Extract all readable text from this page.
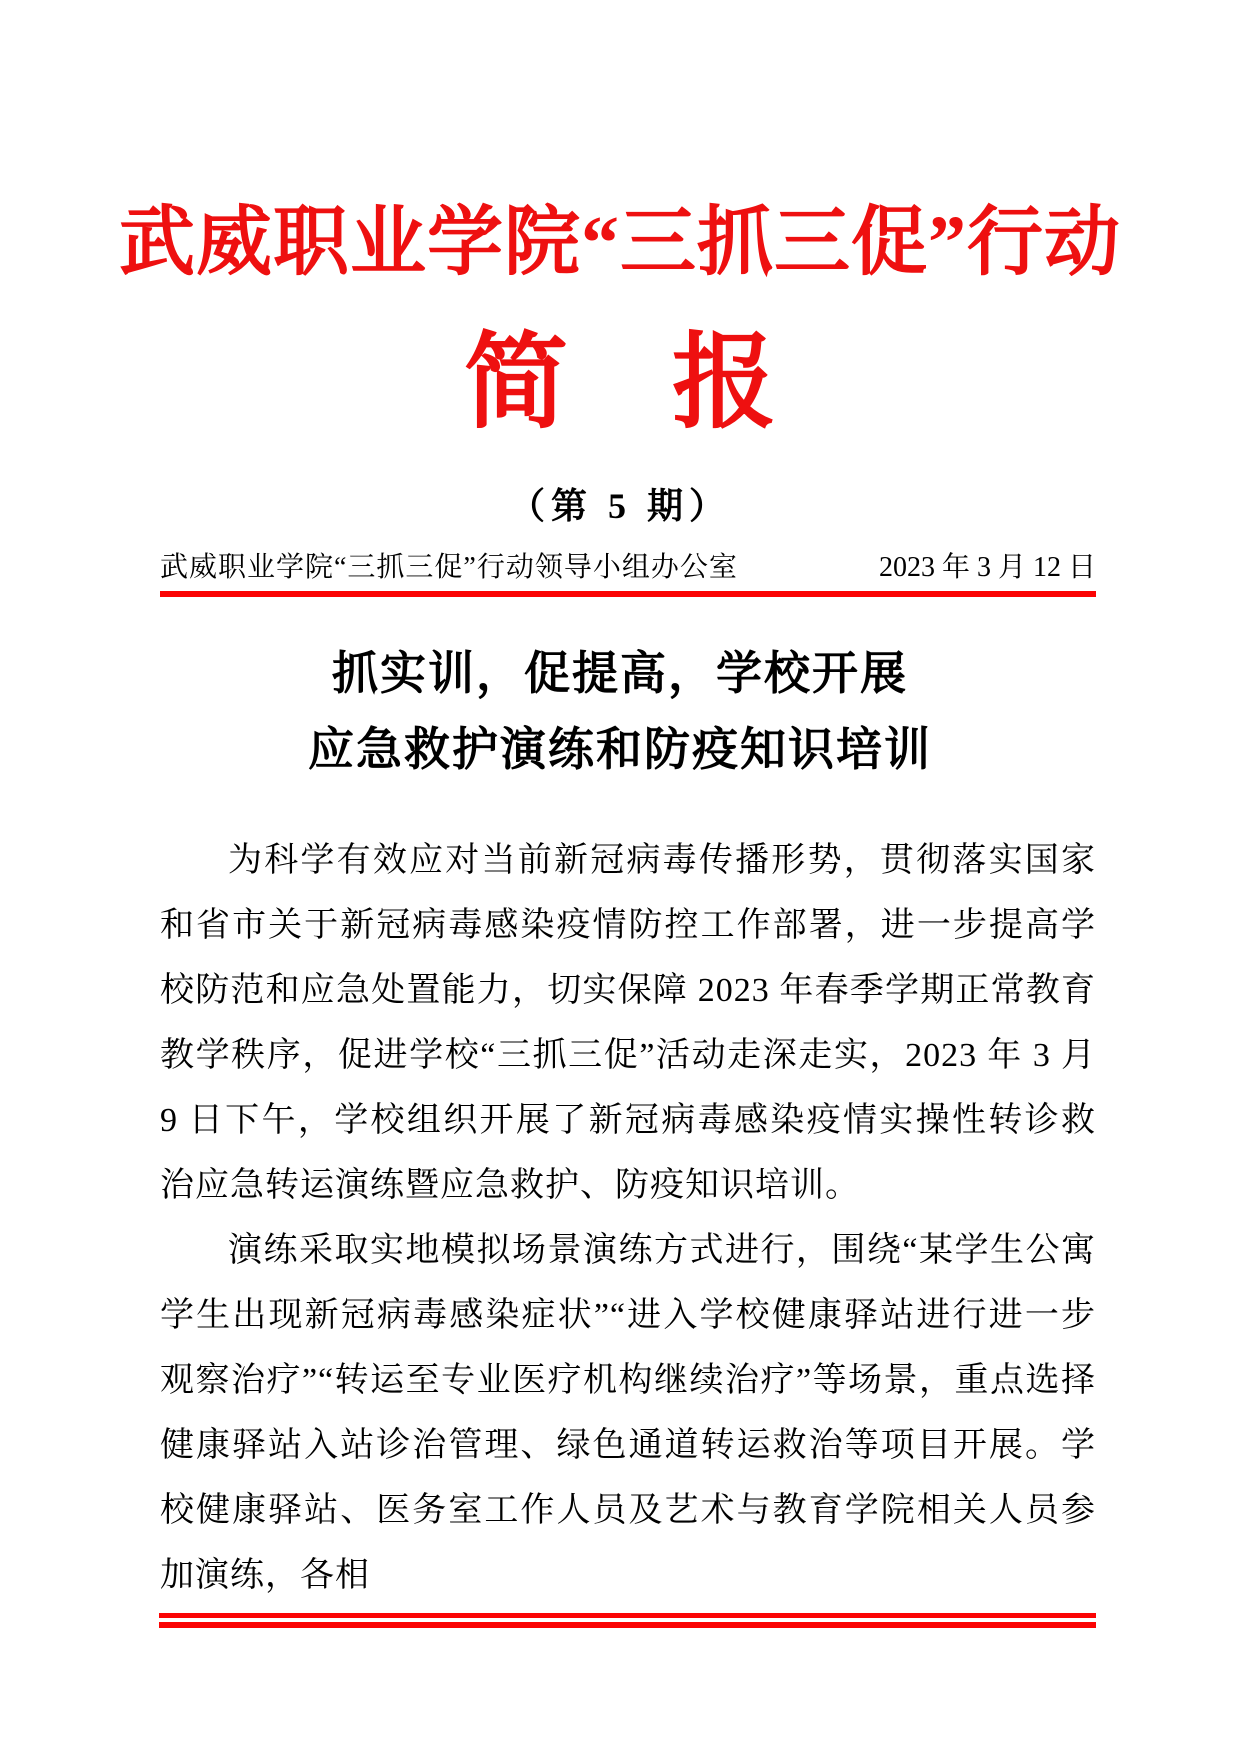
武威职业学院“三抓三促”行动
简　报
（第 5 期）
武威职业学院“三抓三促”行动领导小组办公室	2023 年 3 月 12 日
抓实训，促提高，学校开展
应急救护演练和防疫知识培训

为科学有效应对当前新冠病毒传播形势，贯彻落实国家和省市关于新冠病毒感染疫情防控工作部署，进一步提高学校防范和应急处置能力，切实保障 2023 年春季学期正常教育教学秩序，促进学校“三抓三促”活动走深走实，2023 年 3 月 9 日下午，学校组织开展了新冠病毒感染疫情实操性转诊救治应急转运演练暨应急救护、防疫知识培训。

演练采取实地模拟场景演练方式进行，围绕“某学生公寓学生出现新冠病毒感染症状”“进入学校健康驿站进行进一步观察治疗”“转运至专业医疗机构继续治疗”等场景，重点选择健康驿站入站诊治管理、绿色通道转运救治等项目开展。学校健康驿站、医务室工作人员及艺术与教育学院相关人员参加演练，各相
